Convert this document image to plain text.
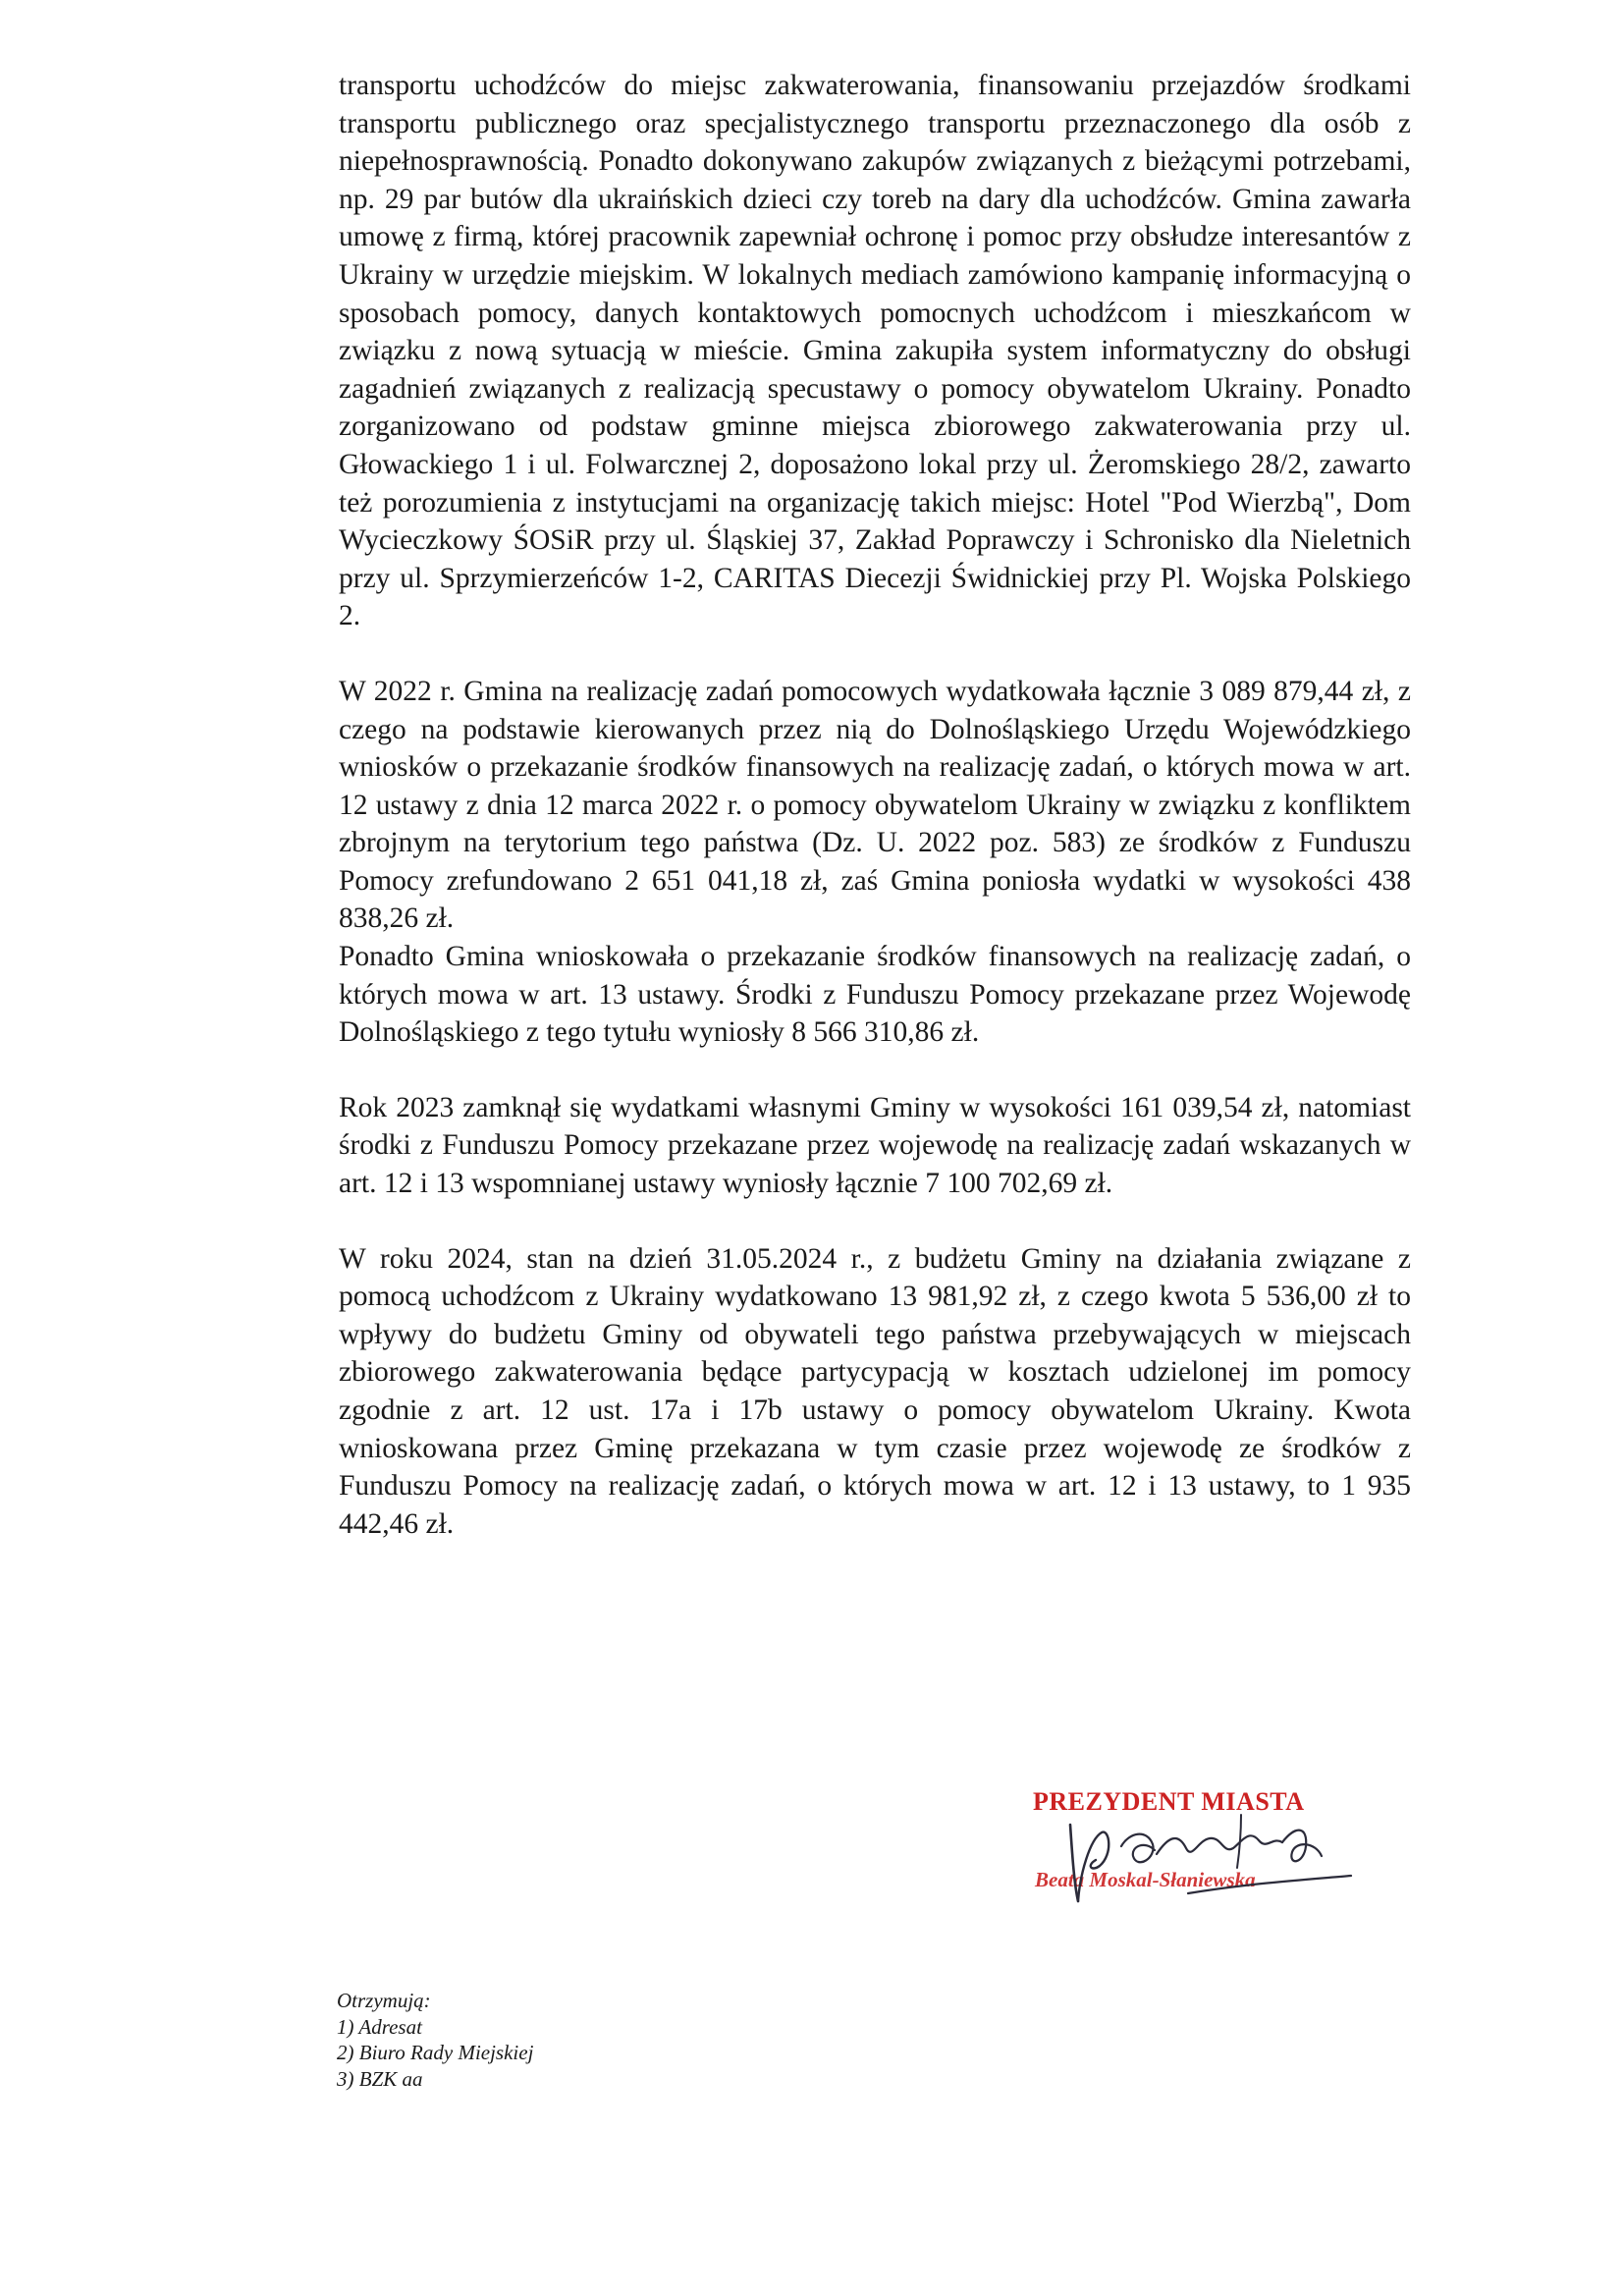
transportu uchodźców do miejsc zakwaterowania, finansowaniu przejazdów środkami transportu publicznego oraz specjalistycznego transportu przeznaczonego dla osób z niepełnosprawnością. Ponadto dokonywano zakupów związanych z bieżącymi potrzebami, np. 29 par butów dla ukraińskich dzieci czy toreb na dary dla uchodźców. Gmina zawarła umowę z firmą, której pracownik zapewniał ochronę i pomoc przy obsłudze interesantów z Ukrainy w urzędzie miejskim. W lokalnych mediach zamówiono kampanię informacyjną o sposobach pomocy, danych kontaktowych pomocnych uchodźcom i mieszkańcom w związku z nową sytuacją w mieście. Gmina zakupiła system informatyczny do obsługi zagadnień związanych z realizacją specustawy o pomocy obywatelom Ukrainy. Ponadto zorganizowano od podstaw gminne miejsca zbiorowego zakwaterowania przy ul. Głowackiego 1 i ul. Folwarcznej 2, doposażono lokal przy ul. Żeromskiego 28/2, zawarto też porozumienia z instytucjami na organizację takich miejsc: Hotel "Pod Wierzbą", Dom Wycieczkowy ŚOSiR przy ul. Śląskiej 37, Zakład Poprawczy i Schronisko dla Nieletnich przy ul. Sprzymierzeńców 1-2, CARITAS Diecezji Świdnickiej przy Pl. Wojska Polskiego 2.

W 2022 r. Gmina na realizację zadań pomocowych wydatkowała łącznie 3 089 879,44 zł, z czego na podstawie kierowanych przez nią do Dolnośląskiego Urzędu Wojewódzkiego wniosków o przekazanie środków finansowych na realizację zadań, o których mowa w art. 12 ustawy z dnia 12 marca 2022 r. o pomocy obywatelom Ukrainy w związku z konfliktem zbrojnym na terytorium tego państwa (Dz. U. 2022 poz. 583) ze środków z Funduszu Pomocy zrefundowano 2 651 041,18 zł, zaś Gmina poniosła wydatki w wysokości 438 838,26 zł.

Ponadto Gmina wnioskowała o przekazanie środków finansowych na realizację zadań, o których mowa w art. 13 ustawy. Środki z Funduszu Pomocy przekazane przez Wojewodę Dolnośląskiego z tego tytułu wyniosły 8 566 310,86 zł.

Rok 2023 zamknął się wydatkami własnymi Gminy w wysokości 161 039,54 zł, natomiast środki z Funduszu Pomocy przekazane przez wojewodę na realizację zadań wskazanych w art. 12 i 13 wspomnianej ustawy wyniosły łącznie 7 100 702,69 zł.

W roku 2024, stan na dzień 31.05.2024 r., z budżetu Gminy na działania związane z pomocą uchodźcom z Ukrainy wydatkowano 13 981,92 zł, z czego kwota 5 536,00 zł to wpływy do budżetu Gminy od obywateli tego państwa przebywających w miejscach zbiorowego zakwaterowania będące partycypacją w kosztach udzielonej im pomocy zgodnie z art. 12 ust. 17a i 17b ustawy o pomocy obywatelom Ukrainy. Kwota wnioskowana przez Gminę przekazana w tym czasie przez wojewodę ze środków z Funduszu Pomocy na realizację zadań, o których mowa w art. 12 i 13 ustawy, to 1 935 442,46 zł.

PREZYDENT MIASTA
Beata Moskal-Słaniewska
Otrzymują:
1) Adresat
2) Biuro Rady Miejskiej
3) BZK aa
